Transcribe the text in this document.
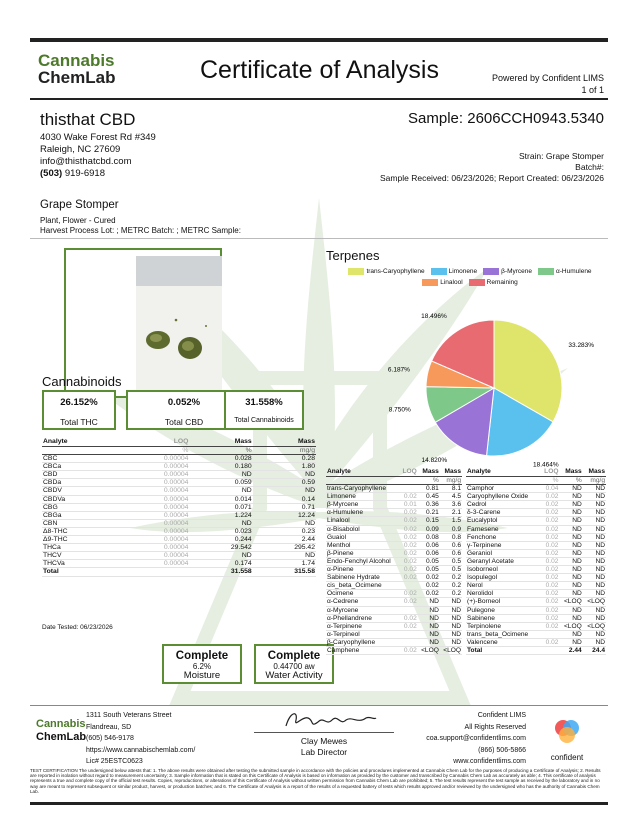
Cannabis
ChemLab	Certificate of Analysis	Powered by Confident LIMS
1 of 1
thisthat CBD
4030 Wake Forest Rd #349
Raleigh, NC 27609
info@thisthatcbd.com
(503) 919-6918
Sample: 2606CCH0943.5340
Strain: Grape Stomper
Batch#:
Sample Received: 06/23/2026; Report Created: 06/23/2026
Grape Stomper
Plant, Flower - Cured
Harvest Process Lot: ; METRC Batch: ; METRC Sample:
Cannabinoids
26.152%
Total THC
0.052%
Total CBD
31.558%
Total Cannabinoids
Analyte	LOQ	Mass	Mass
	%	%	mg/g
CBC	0.00004	0.028	0.28
CBCa	0.00004	0.180	1.80
CBD	0.00004	ND	ND
CBDa	0.00004	0.059	0.59
CBDV	0.00004	ND	ND
CBDVa	0.00004	0.014	0.14
CBG	0.00004	0.071	0.71
CBGa	0.00004	1.224	12.24
CBN	0.00004	ND	ND
Δ8-THC	0.00004	0.023	0.23
Δ9-THC	0.00004	0.244	2.44
THCa	0.00004	29.542	295.42
THCV	0.00004	ND	ND
THCVa	0.00004	0.174	1.74
Total		31.558	315.58
Date Tested: 06/23/2026
Complete
6.2%
Moisture
Complete
0.44700 aw
Water Activity
Terpenes
trans-Caryophyllene	Limonene	β-Myrcene	α-Humulene
Linalool	Remaining
33.283%
18.464%
14.820%
8.750%
6.187%
18.496%
Analyte	LOQ	Mass	Mass
		%	mg/g
trans-Caryophyllene		0.81	8.1
Limonene	0.02	0.45	4.5
β-Myrcene	0.01	0.36	3.6
α-Humulene	0.02	0.21	2.1
Linalool	0.02	0.15	1.5
α-Bisabolol	0.02	0.09	0.9
Guaiol	0.02	0.08	0.8
Menthol	0.02	0.06	0.6
β-Pinene	0.02	0.06	0.6
Endo-Fenchyl Alcohol	0.02	0.05	0.5
α-Pinene	0.02	0.05	0.5
Sabinene Hydrate	0.02	0.02	0.2
cis_beta_Ocimene		0.02	0.2
Ocimene	0.02	0.02	0.2
α-Cedrene	0.02	ND	ND
α-Myrcene		ND	ND
α-Phellandrene	0.02	ND	ND
α-Terpinene	0.02	ND	ND
α-Terpineol		ND	ND
β-Caryophyllene		ND	ND
Camphene	0.02	<LOQ	<LOQ
Analyte	LOQ	Mass	Mass
	%	%	mg/g
Camphor	0.04	ND	ND
Caryophyllene Oxide	0.02	ND	ND
Cedrol	0.02	ND	ND
δ-3-Carene	0.02	ND	ND
Eucalyptol	0.02	ND	ND
Farnesene	0.02	ND	ND
Fenchone	0.02	ND	ND
γ-Terpinene	0.02	ND	ND
Geraniol	0.02	ND	ND
Geranyl Acetate	0.02	ND	ND
Isoborneol	0.02	ND	ND
Isopulegol	0.02	ND	ND
Nerol	0.02	ND	ND
Nerolidol	0.02	ND	ND
(+)-Borneol	0.02	<LOQ	<LOQ
Pulegone	0.02	ND	ND
Sabinene	0.02	ND	ND
Terpinolene	0.02	<LOQ	<LOQ
trans_beta_Ocimene		ND	ND
Valencene	0.02	ND	ND
Total		2.44	24.4
Cannabis
ChemLab
1311 South Veterans Street
Flandreau, SD
(605) 546-9178
https://www.cannabischemlab.com/
Lic# 25ESTC0623
Clay Mewes
Lab Director
Confident LIMS
All Rights Reserved
coa.support@confidentlims.com
(866) 506-5866
www.confidentlims.com	confident
TEST CERTIFICATION The undersigned below attests that: 1. The above results were obtained after testing the submitted sample in accordance with the policies and procedures implemented at Cannabis Chem Lab for the purposes of producing a Certificate of Analysis; 2. Results are reported in isolation without regard to measurement uncertainty; 3. Sample information that is stated on this Certificate of Analysis is based on information as provided by the customer and transcribed by Cannabis Chem Lab as accurately as able; 4. This certificate of analysis represents a true and complete copy of the official test results. Copies, reproductions, or alterations of this Certificate of Analysis without written permission from Cannabis Chem Lab are prohibited; 5. The test results represent the test sample as received by the laboratory and in no way are meant to represent subsequent or similar product, harvest, or production batches; and 6. The Certificate of Analysis is a report of the results of a requested battery of tests which results approved and/or reviewed by the undersigned who has the authority of Cannabis Chem Lab.
